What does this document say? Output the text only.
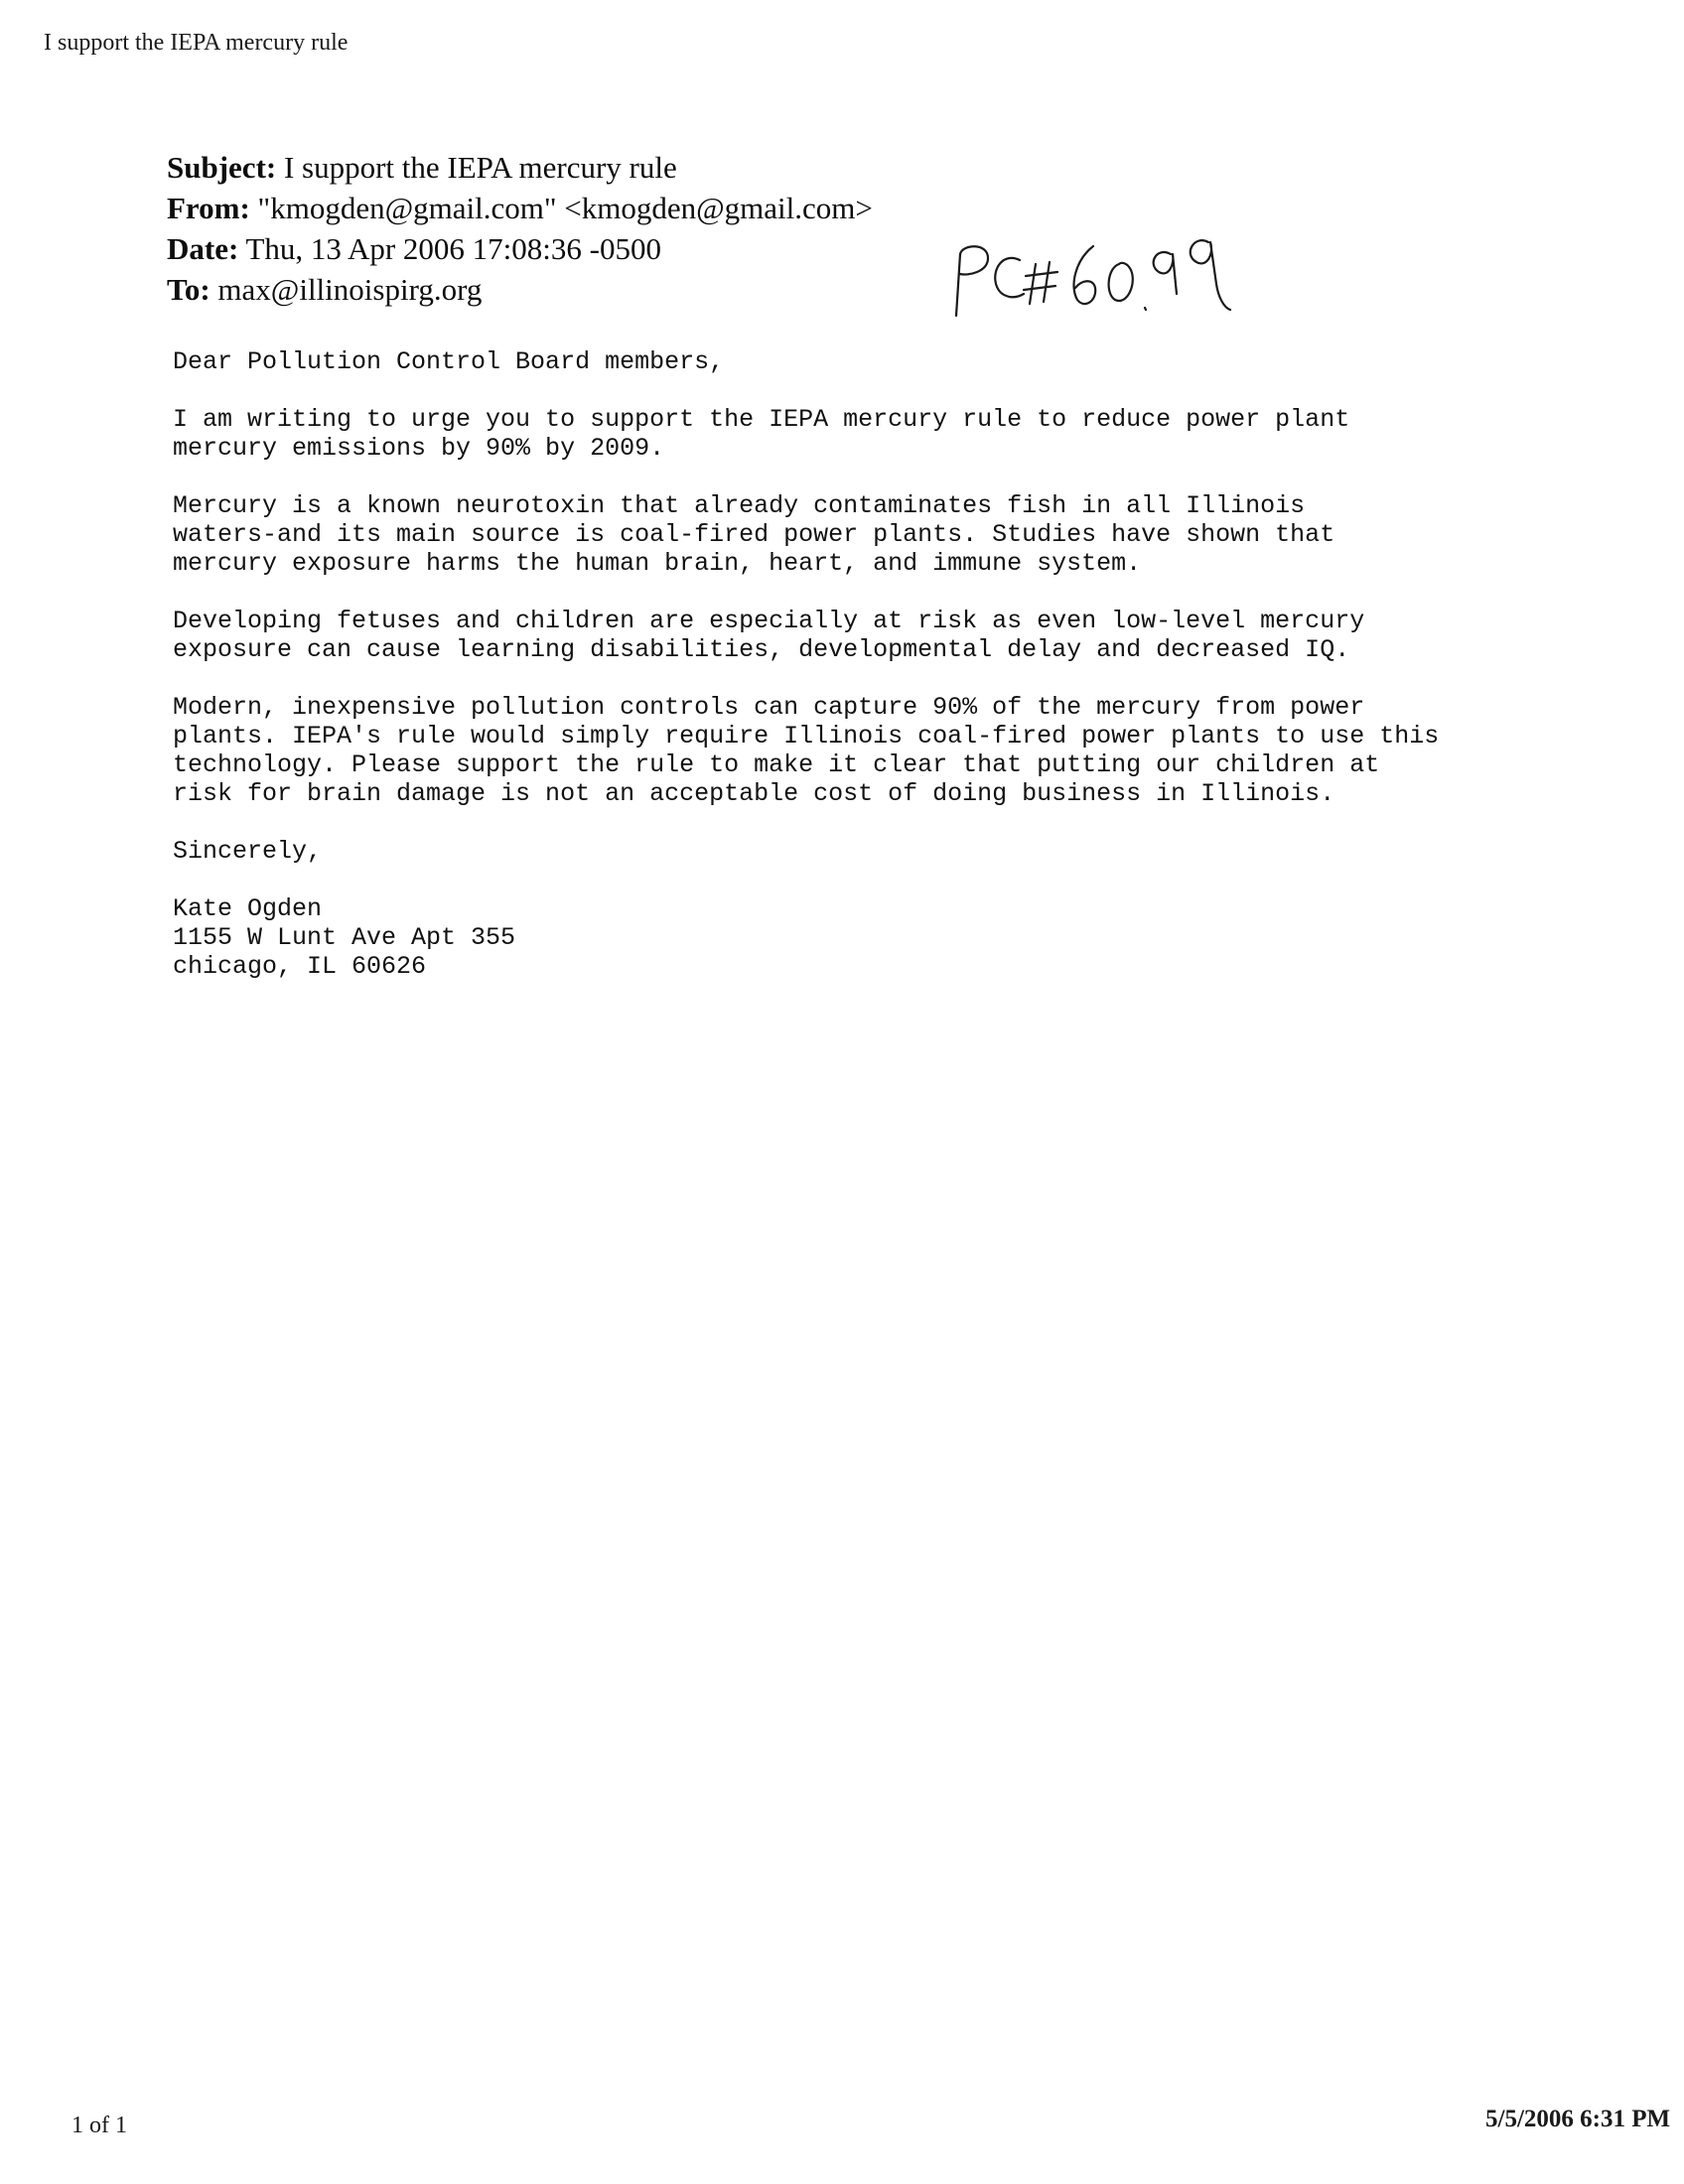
I support the IEPA mercury rule
Subject: I support the IEPA mercury rule
From: "kmogden@gmail.com" <kmogden@gmail.com>
Date: Thu, 13 Apr 2006 17:08:36 -0500
To: max@illinoispirg.org

Dear Pollution Control Board members,

I am writing to urge you to support the IEPA mercury rule to reduce power plant
mercury emissions by 90% by 2009.

Mercury is a known neurotoxin that already contaminates fish in all Illinois
waters-and its main source is coal-fired power plants. Studies have shown that
mercury exposure harms the human brain, heart, and immune system.

Developing fetuses and children are especially at risk as even low-level mercury
exposure can cause learning disabilities, developmental delay and decreased IQ.

Modern, inexpensive pollution controls can capture 90% of the mercury from power
plants. IEPA's rule would simply require Illinois coal-fired power plants to use this
technology. Please support the rule to make it clear that putting our children at
risk for brain damage is not an acceptable cost of doing business in Illinois.

Sincerely,

Kate Ogden

1155 W Lunt Ave Apt 355

chicago, IL 60626

1 of 1	5/5/2006 6:31 PM
